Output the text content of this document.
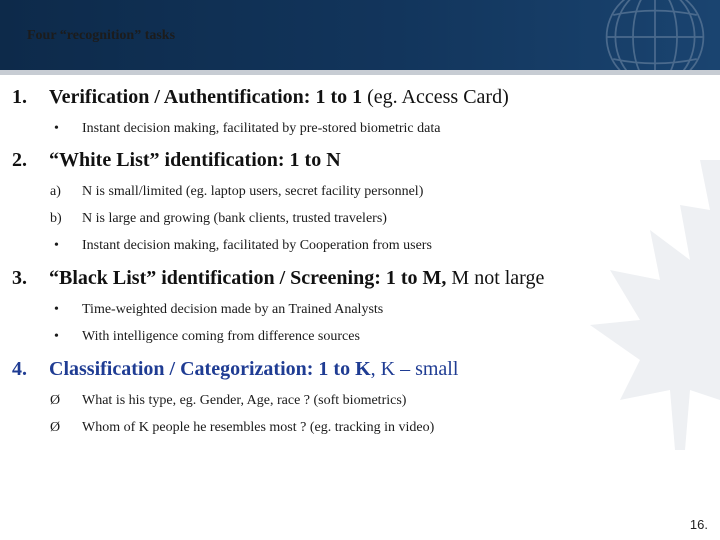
Four “recognition” tasks
1. Verification / Authentification: 1 to 1 (eg. Access Card)
• Instant decision making, facilitated by pre-stored biometric data
2. “White List” identification: 1 to N
a) N is small/limited (eg. laptop users, secret facility personnel)
b) N is large and growing (bank clients, trusted travelers)
• Instant decision making, facilitated by Cooperation from users
3. “Black List” identification / Screening: 1 to M, M not large
• Time-weighted decision made by an Trained Analysts
• With intelligence coming from difference sources
4. Classification / Categorization: 1 to K, K – small
Ø What is his type, eg. Gender, Age, race ? (soft biometrics)
Ø Whom of K people he resembles most ? (eg. tracking in video)
16.
